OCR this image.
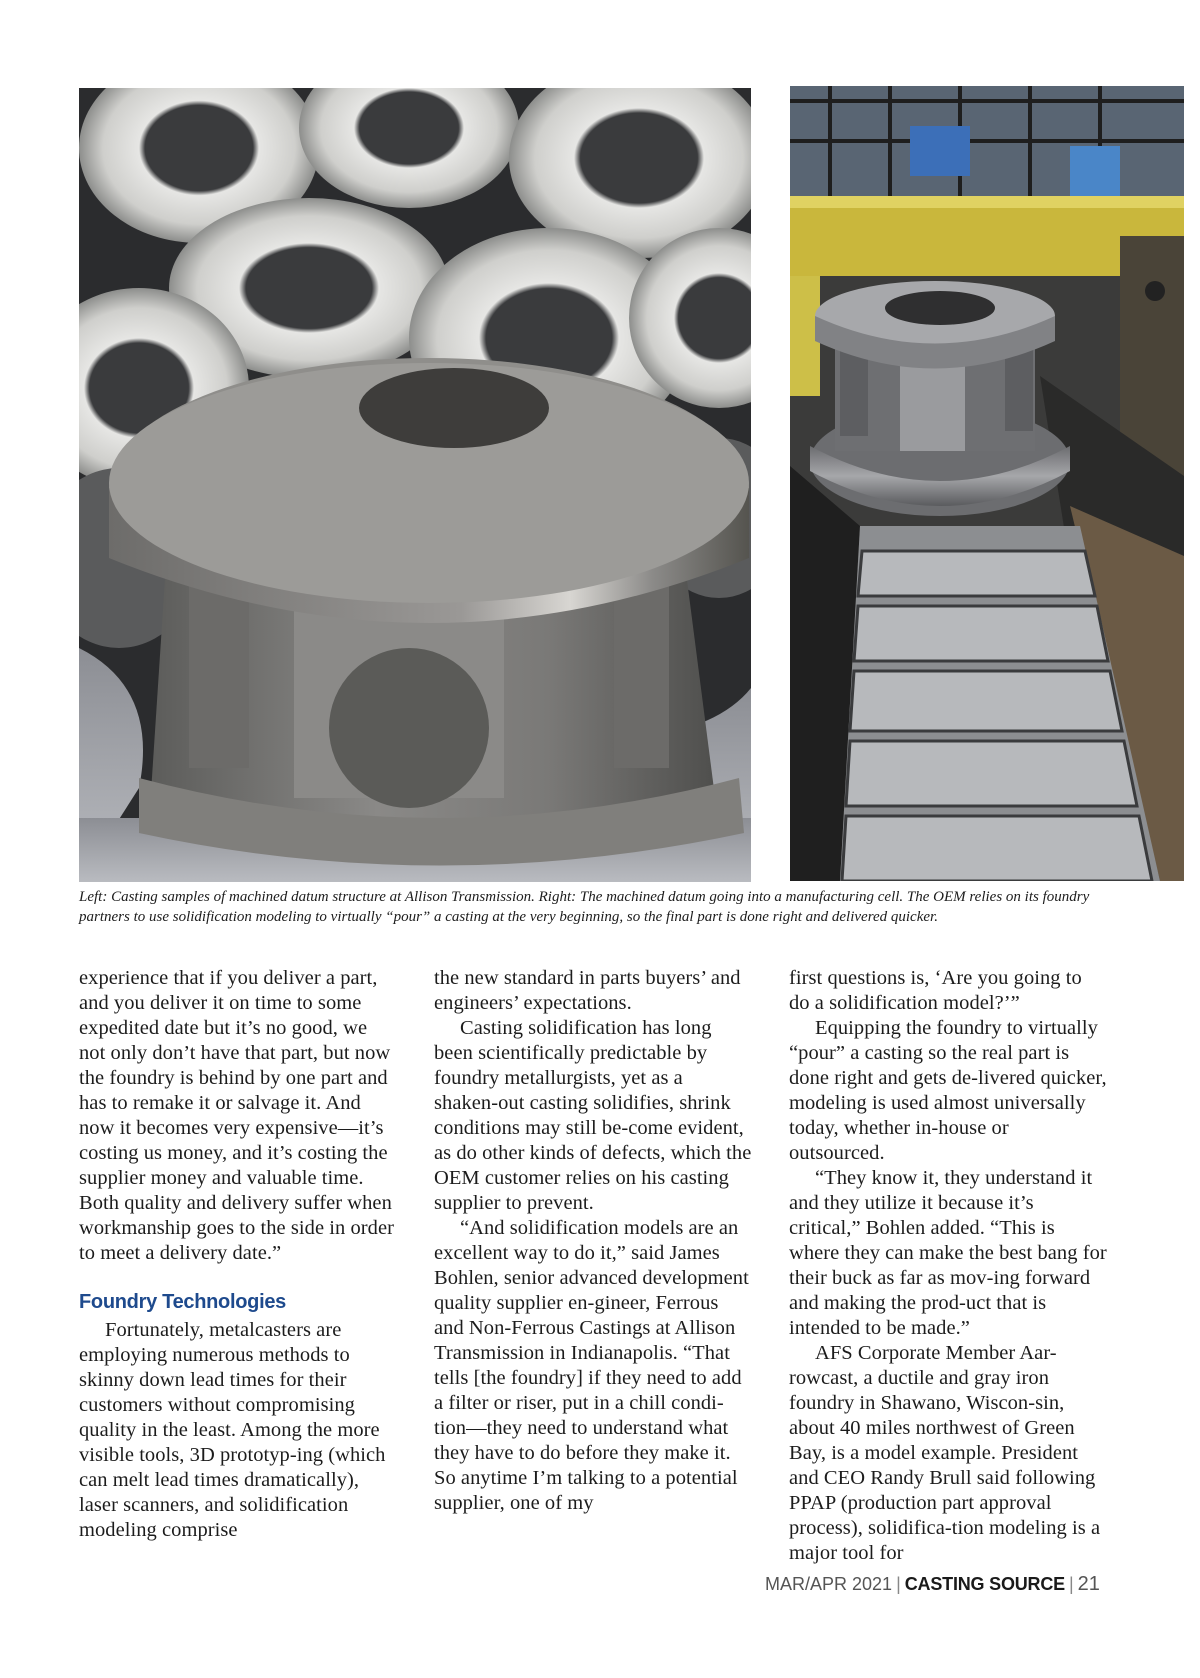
Left: Casting samples of machined datum structure at Allison Transmission. Right: The machined datum going into a manufacturing cell. The OEM relies on its foundry partners to use solidification modeling to virtually “pour” a casting at the very beginning, so the final part is done right and delivered quicker.

experience that if you deliver a part, and you deliver it on time to some expedited date but it’s no good, we not only don’t have that part, but now the foundry is behind by one part and has to remake it or salvage it. And now it becomes very expensive—it’s costing us money, and it’s costing the supplier money and valuable time. Both quality and delivery suffer when workmanship goes to the side in order to meet a delivery date.”

Foundry Technologies

Fortunately, metalcasters are employing numerous methods to skinny down lead times for their customers without compromising quality in the least. Among the more visible tools, 3D prototyp-ing (which can melt lead times dramatically), laser scanners, and solidification modeling comprise

the new standard in parts buyers’ and engineers’ expectations.

Casting solidification has long been scientifically predictable by foundry metallurgists, yet as a shaken-out casting solidifies, shrink conditions may still be-come evident, as do other kinds of defects, which the OEM customer relies on his casting supplier to prevent.

“And solidification models are an excellent way to do it,” said James Bohlen, senior advanced development quality supplier en-gineer, Ferrous and Non-Ferrous Castings at Allison Transmission in Indianapolis. “That tells [the foundry] if they need to add a filter or riser, put in a chill condi-tion—they need to understand what they have to do before they make it. So anytime I’m talking to a potential supplier, one of my

first questions is, ‘Are you going to do a solidification model?’”

Equipping the foundry to virtually “pour” a casting so the real part is done right and gets de-livered quicker, modeling is used almost universally today, whether in-house or outsourced.

“They know it, they understand it and they utilize it because it’s critical,” Bohlen added. “This is where they can make the best bang for their buck as far as mov-ing forward and making the prod-uct that is intended to be made.”

AFS Corporate Member Aar-rowcast, a ductile and gray iron foundry in Shawano, Wiscon-sin, about 40 miles northwest of Green Bay, is a model example. President and CEO Randy Brull said following PPAP (production part approval process), solidifica-tion modeling is a major tool for

MAR/APR 2021 | CASTING SOURCE | 21
